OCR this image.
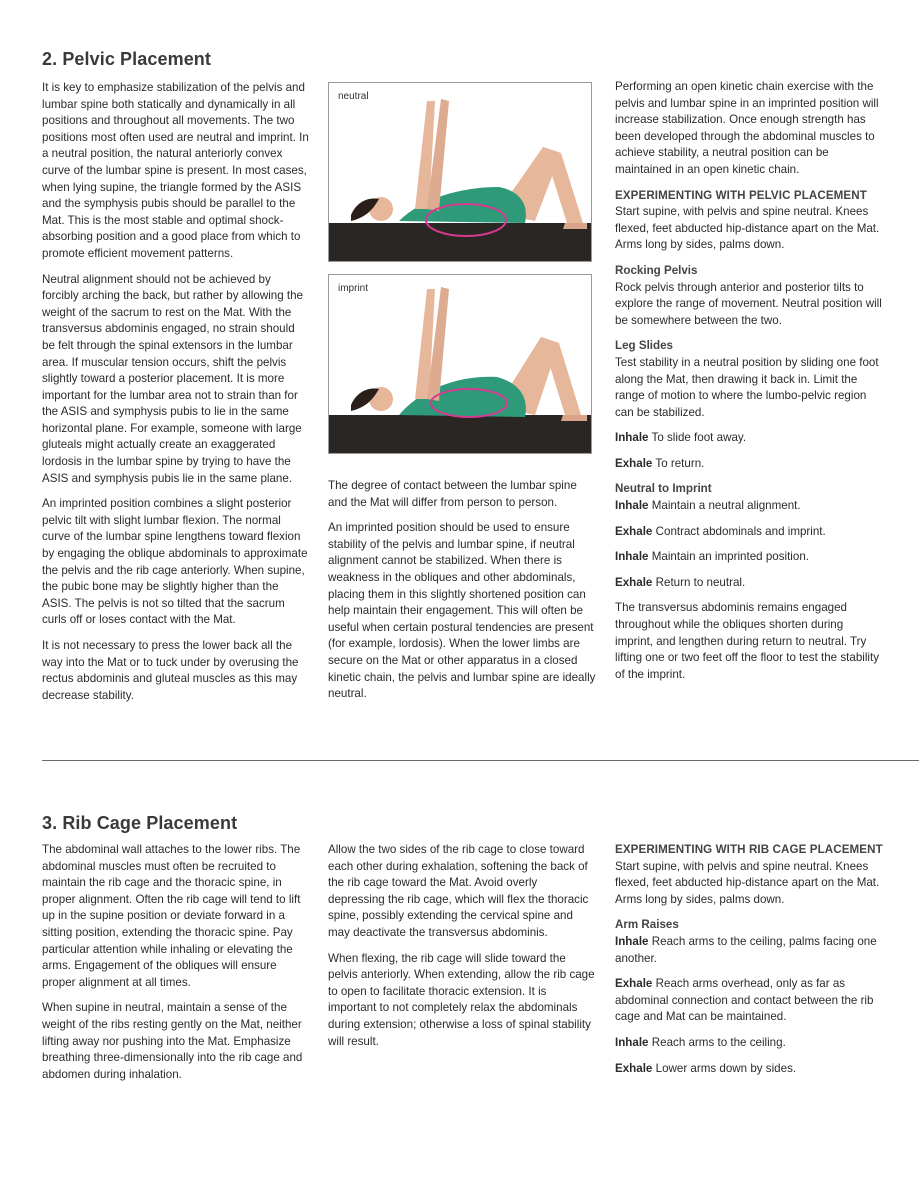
2. Pelvic Placement

It is key to emphasize stabilization of the pelvis and lumbar spine both statically and dynamically in all positions and throughout all movements. The two positions most often used are neutral and imprint. In a neutral position, the natural anteriorly convex curve of the lumbar spine is present. In most cases, when lying supine, the triangle formed by the ASIS and the symphysis pubis should be parallel to the Mat. This is the most stable and optimal shock-absorbing position and a good place from which to promote efficient movement patterns.

Neutral alignment should not be achieved by forcibly arching the back, but rather by allowing the weight of the sacrum to rest on the Mat. With the transversus abdominis engaged, no strain should be felt through the spinal extensors in the lumbar area. If muscular tension occurs, shift the pelvis slightly toward a posterior placement. It is more important for the lumbar area not to strain than for the ASIS and symphysis pubis to lie in the same horizontal plane. For example, someone with large gluteals might actually create an exaggerated lordosis in the lumbar spine by trying to have the ASIS and symphysis pubis lie in the same plane.

An imprinted position combines a slight posterior pelvic tilt with slight lumbar flexion. The normal curve of the lumbar spine lengthens toward flexion by engaging the oblique abdominals to approximate the pelvis and the rib cage anteriorly. When supine, the pubic bone may be slightly higher than the ASIS. The pelvis is not so tilted that the sacrum curls off or loses contact with the Mat.

It is not necessary to press the lower back all the way into the Mat or to tuck under by overusing the rectus abdominis and gluteal muscles as this may decrease stability.

neutral
imprint

The degree of contact between the lumbar spine and the Mat will differ from person to person.

An imprinted position should be used to ensure stability of the pelvis and lumbar spine, if neutral alignment cannot be stabilized. When there is weakness in the obliques and other abdominals, placing them in this slightly shortened position can help maintain their engagement. This will often be useful when certain postural tendencies are present (for example, lordosis). When the lower limbs are secure on the Mat or other apparatus in a closed kinetic chain, the pelvis and lumbar spine are ideally neutral.

Performing an open kinetic chain exercise with the pelvis and lumbar spine in an imprinted position will increase stabilization. Once enough strength has been developed through the abdominal muscles to achieve stability, a neutral position can be maintained in an open kinetic chain.

EXPERIMENTING WITH PELVIC PLACEMENT

Start supine, with pelvis and spine neutral. Knees flexed, feet abducted hip-distance apart on the Mat. Arms long by sides, palms down.

Rocking Pelvis

Rock pelvis through anterior and posterior tilts to explore the range of movement. Neutral position will be somewhere between the two.

Leg Slides

Test stability in a neutral position by sliding one foot along the Mat, then drawing it back in. Limit the range of motion to where the lumbo-pelvic region can be stabilized.

Inhale To slide foot away.

Exhale To return.

Neutral to Imprint

Inhale Maintain a neutral alignment.

Exhale Contract abdominals and imprint.

Inhale Maintain an imprinted position.

Exhale Return to neutral.

The transversus abdominis remains engaged throughout while the obliques shorten during imprint, and lengthen during return to neutral. Try lifting one or two feet off the floor to test the stability of the imprint.

3. Rib Cage Placement

The abdominal wall attaches to the lower ribs. The abdominal muscles must often be recruited to maintain the rib cage and the thoracic spine, in proper alignment. Often the rib cage will tend to lift up in the supine position or deviate forward in a sitting position, extending the thoracic spine. Pay particular attention while inhaling or elevating the arms. Engagement of the obliques will ensure proper alignment at all times.

When supine in neutral, maintain a sense of the weight of the ribs resting gently on the Mat, neither lifting away nor pushing into the Mat. Emphasize breathing three-dimensionally into the rib cage and abdomen during inhalation.

Allow the two sides of the rib cage to close toward each other during exhalation, softening the back of the rib cage toward the Mat. Avoid overly depressing the rib cage, which will flex the thoracic spine, possibly extending the cervical spine and may deactivate the transversus abdominis.

When flexing, the rib cage will slide toward the pelvis anteriorly. When extending, allow the rib cage to open to facilitate thoracic extension. It is important to not completely relax the abdominals during extension; otherwise a loss of spinal stability will result.

EXPERIMENTING WITH RIB CAGE PLACEMENT

Start supine, with pelvis and spine neutral. Knees flexed, feet abducted hip-distance apart on the Mat. Arms long by sides, palms down.

Arm Raises

Inhale Reach arms to the ceiling, palms facing one another.

Exhale Reach arms overhead, only as far as abdominal connection and contact between the rib cage and Mat can be maintained.

Inhale Reach arms to the ceiling.

Exhale Lower arms down by sides.
